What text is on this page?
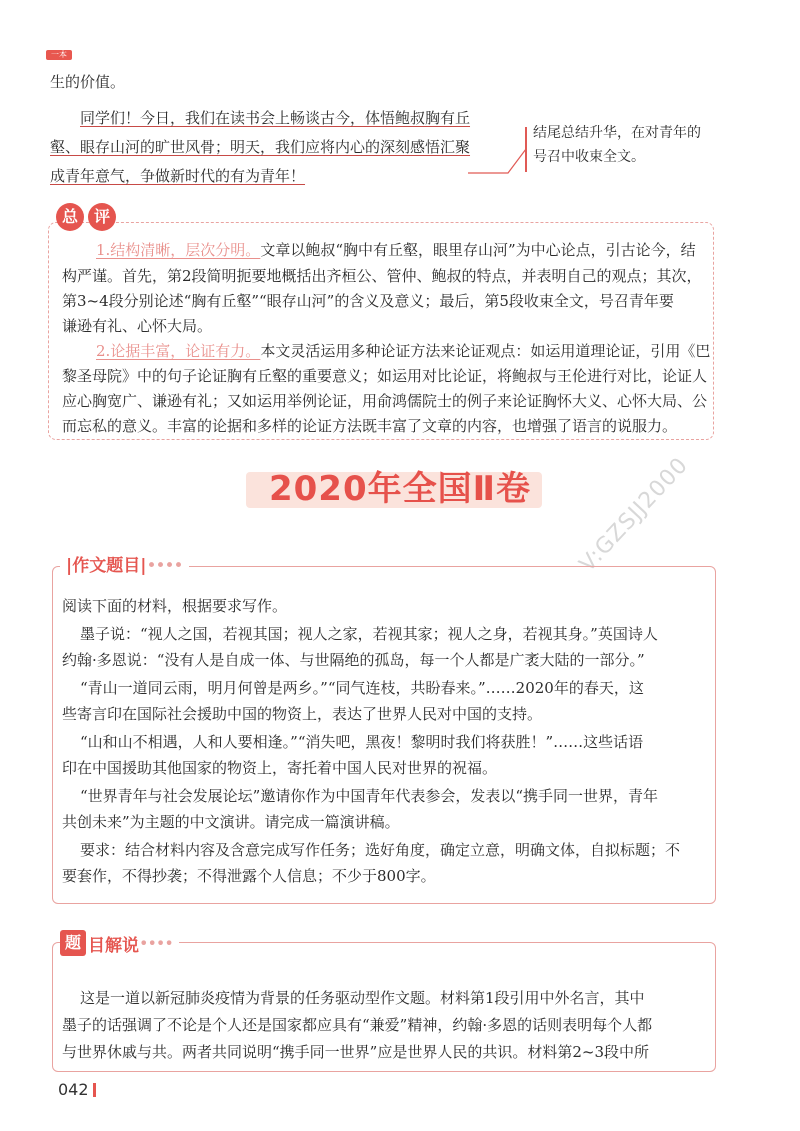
一本
生的价值。
同学们！今日，我们在读书会上畅谈古今，体悟鲍叔胸有丘
壑、眼存山河的旷世风骨；明天，我们应将内心的深刻感悟汇聚
成青年意气，争做新时代的有为青年！
结尾总结升华，在对青年的
号召中收束全文。
总 评
1.结构清晰，层次分明。文章以鲍叔“胸中有丘壑，眼里存山河”为中心论点，引古论今，结
构严谨。首先，第2段简明扼要地概括出齐桓公、管仲、鲍叔的特点，并表明自己的观点；其次，
第3~4段分别论述“胸有丘壑”“眼存山河”的含义及意义；最后，第5段收束全文，号召青年要
谦逊有礼、心怀大局。
2.论据丰富，论证有力。本文灵活运用多种论证方法来论证观点：如运用道理论证，引用《巴
黎圣母院》中的句子论证胸有丘壑的重要意义；如运用对比论证，将鲍叔与王伦进行对比，论证人
应心胸宽广、谦逊有礼；又如运用举例论证，用俞鸿儒院士的例子来论证胸怀大义、心怀大局、公
而忘私的意义。丰富的论据和多样的论证方法既丰富了文章的内容，也增强了语言的说服力。
2020年全国Ⅱ卷	V:GZSJJ2000
|作文题目|••••
阅读下面的材料，根据要求写作。
墨子说：“视人之国，若视其国；视人之家，若视其家；视人之身，若视其身。”英国诗人
约翰·多恩说：“没有人是自成一体、与世隔绝的孤岛，每一个人都是广袤大陆的一部分。”
“青山一道同云雨，明月何曾是两乡。”“同气连枝，共盼春来。”……2020年的春天，这
些寄言印在国际社会援助中国的物资上，表达了世界人民对中国的支持。
“山和山不相遇，人和人要相逢。”“消失吧，黑夜！黎明时我们将获胜！”……这些话语
印在中国援助其他国家的物资上，寄托着中国人民对世界的祝福。
“世界青年与社会发展论坛”邀请你作为中国青年代表参会，发表以“携手同一世界，青年
共创未来”为主题的中文演讲。请完成一篇演讲稿。
要求：结合材料内容及含意完成写作任务；选好角度，确定立意，明确文体，自拟标题；不
要套作，不得抄袭；不得泄露个人信息；不少于800字。
题 目解说••••
这是一道以新冠肺炎疫情为背景的任务驱动型作文题。材料第1段引用中外名言，其中
墨子的话强调了不论是个人还是国家都应具有“兼爱”精神，约翰·多恩的话则表明每个人都
与世界休戚与共。两者共同说明“携手同一世界”应是世界人民的共识。材料第2~3段中所
042
